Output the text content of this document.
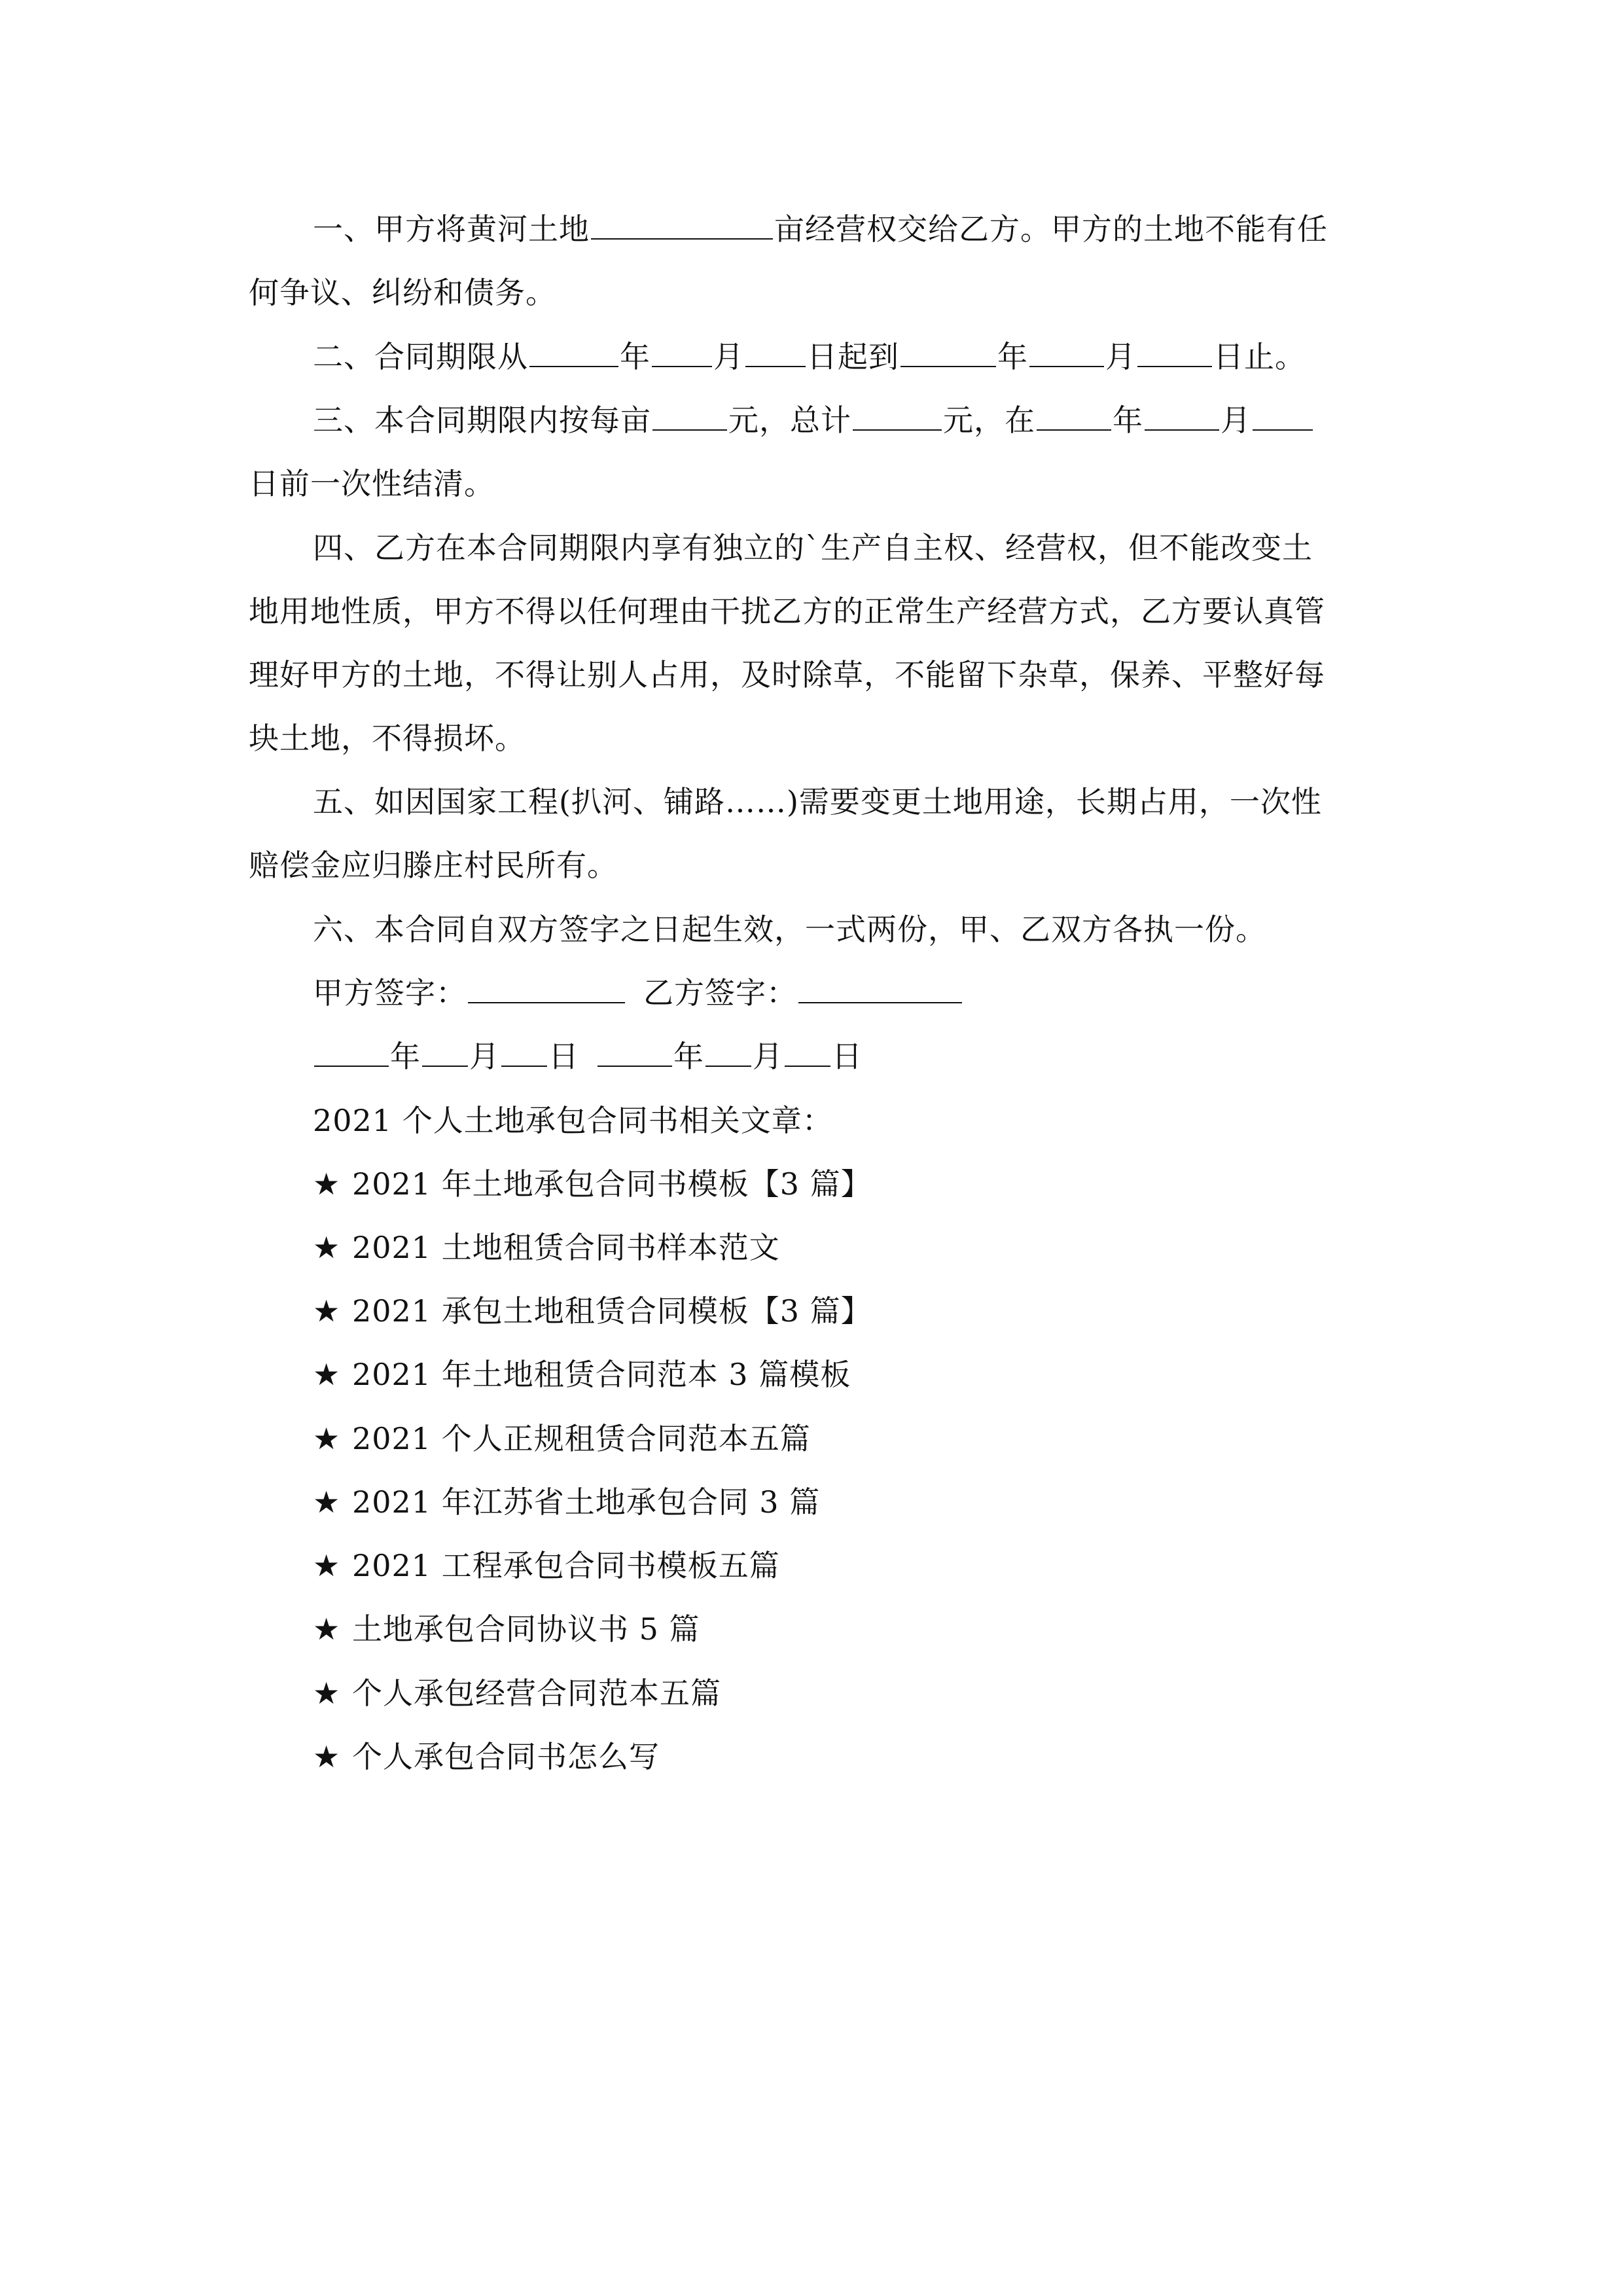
一、甲方将黄河土地	亩经营权交给乙方。甲方的土地不能有任
何争议、纠纷和债务。
二、合同期限从	年 月 日起到	年	月	日止。
三、本合同期限内按每亩	元，总计	元，在	年	月
日前一次性结清。
四、乙方在本合同期限内享有独立的`生产自主权、经营权，但不能改变土
地用地性质，甲方不得以任何理由干扰乙方的正常生产经营方式，乙方要认真管
理好甲方的土地，不得让别人占用，及时除草，不能留下杂草，保养、平整好每
块土地，不得损坏。
五、如因国家工程(扒河、铺路……)需要变更土地用途，长期占用，一次性
赔偿金应归滕庄村民所有。
六、本合同自双方签字之日起生效，一式两份，甲、乙双方各执一份。
甲方签字：	乙方签字：
年 月 日	年 月 日
2021 个人土地承包合同书相关文章：
★ 2021 年土地承包合同书模板【3 篇】
★ 2021 土地租赁合同书样本范文
★ 2021 承包土地租赁合同模板【3 篇】
★ 2021 年土地租赁合同范本 3 篇模板
★ 2021 个人正规租赁合同范本五篇
★ 2021 年江苏省土地承包合同 3 篇
★ 2021 工程承包合同书模板五篇
★ 土地承包合同协议书 5 篇
★ 个人承包经营合同范本五篇
★ 个人承包合同书怎么写
